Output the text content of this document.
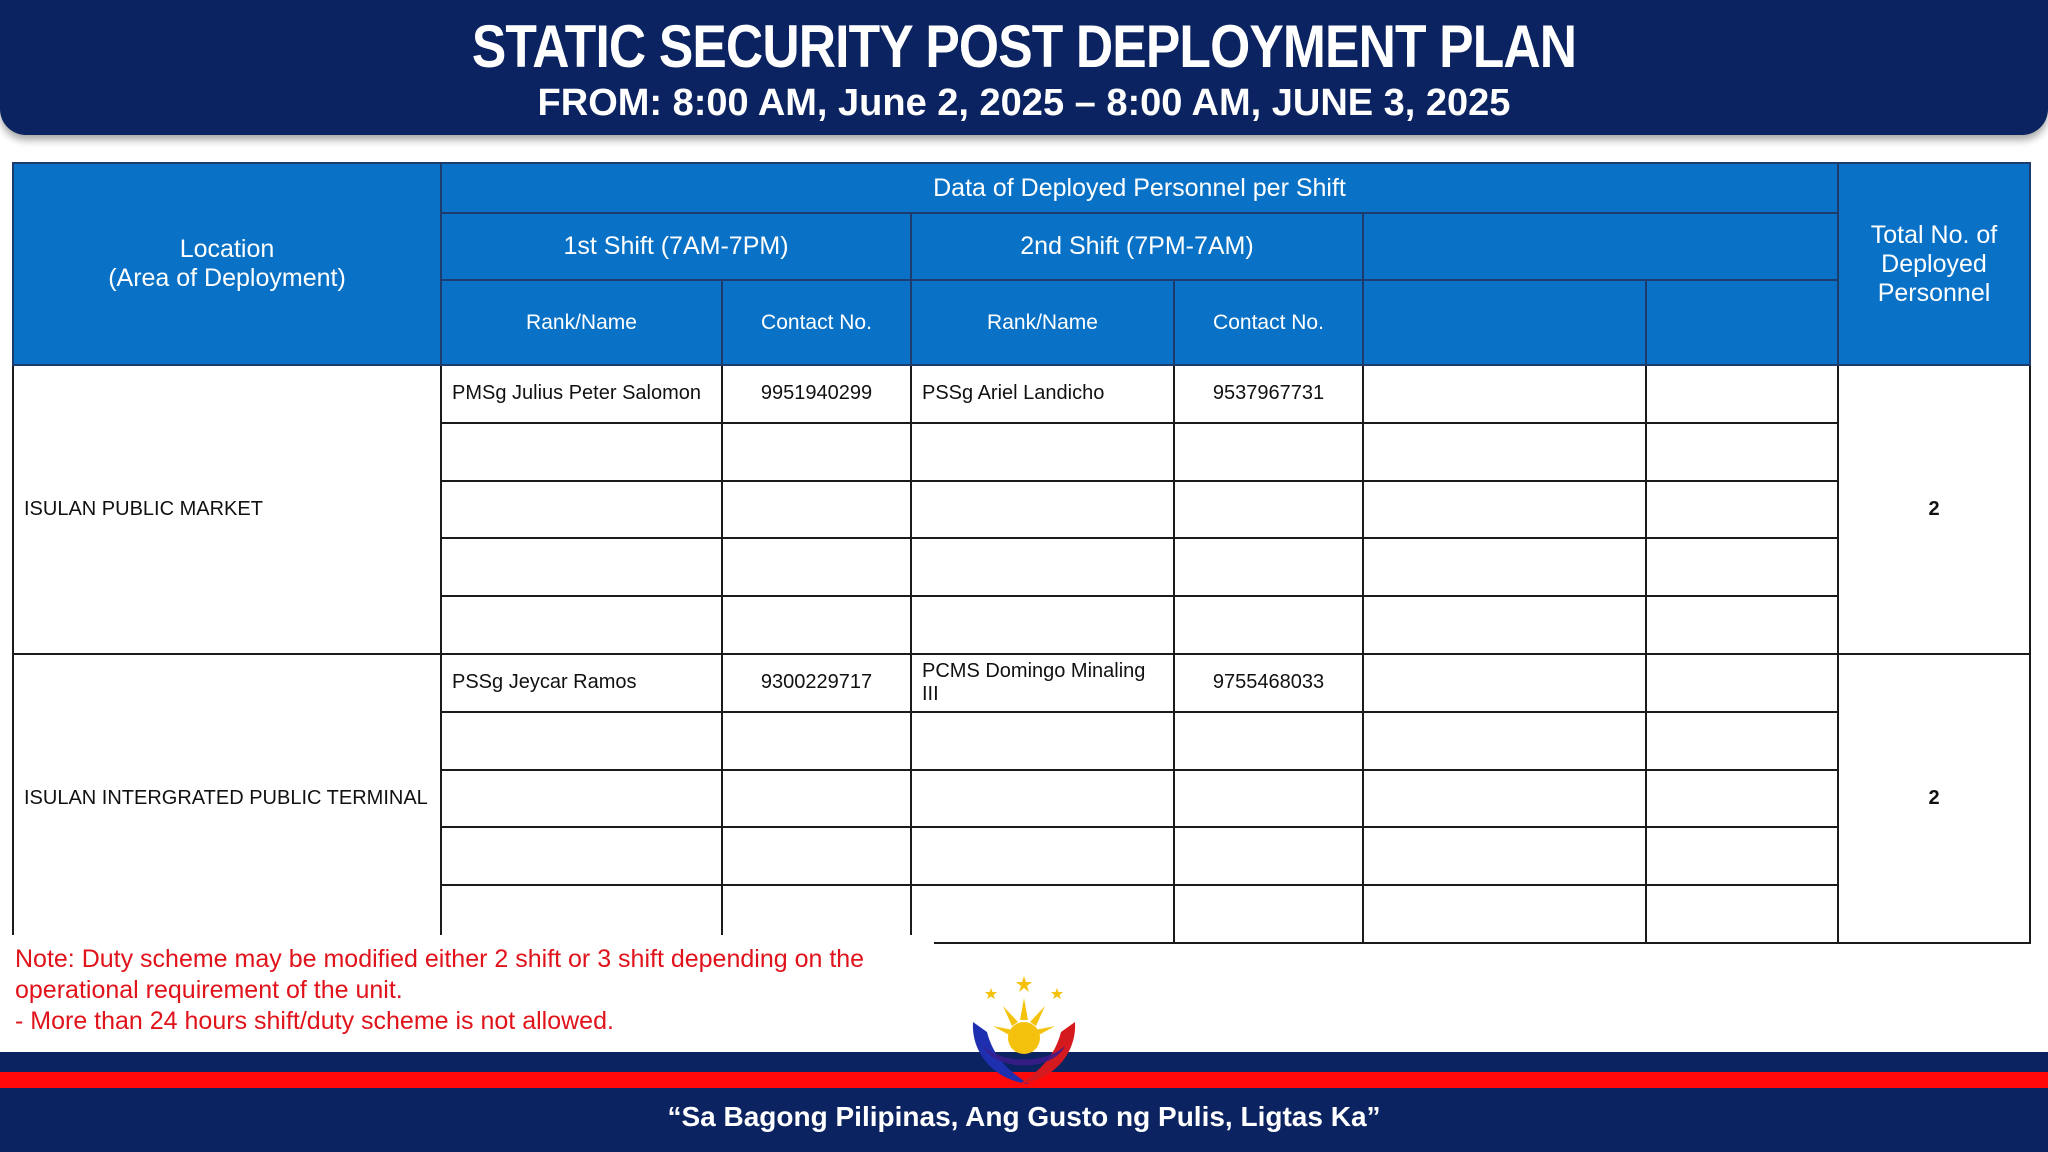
STATIC SECURITY POST DEPLOYMENT PLAN
FROM: 8:00 AM, June 2, 2025 – 8:00 AM, JUNE 3, 2025
Location
(Area of Deployment)	Data of Deployed Personnel per Shift						Total No. of Deployed Personnel
	1st Shift (7AM-7PM)		2nd Shift (7PM-7AM)				
	Rank/Name	Contact No.	Rank/Name	Contact No.			
ISULAN PUBLIC MARKET	PMSg Julius Peter Salomon	9951940299	PSSg Ariel Landicho	9537967731			2

ISULAN INTERGRATED PUBLIC TERMINAL	PSSg Jeycar Ramos	9300229717	PCMS Domingo Minaling III	9755468033			2

Note: Duty scheme may be modified either 2 shift or 3 shift depending on the
operational requirement of the unit.
- More than 24 hours shift/duty scheme is not allowed.
“Sa Bagong Pilipinas, Ang Gusto ng Pulis, Ligtas Ka”
